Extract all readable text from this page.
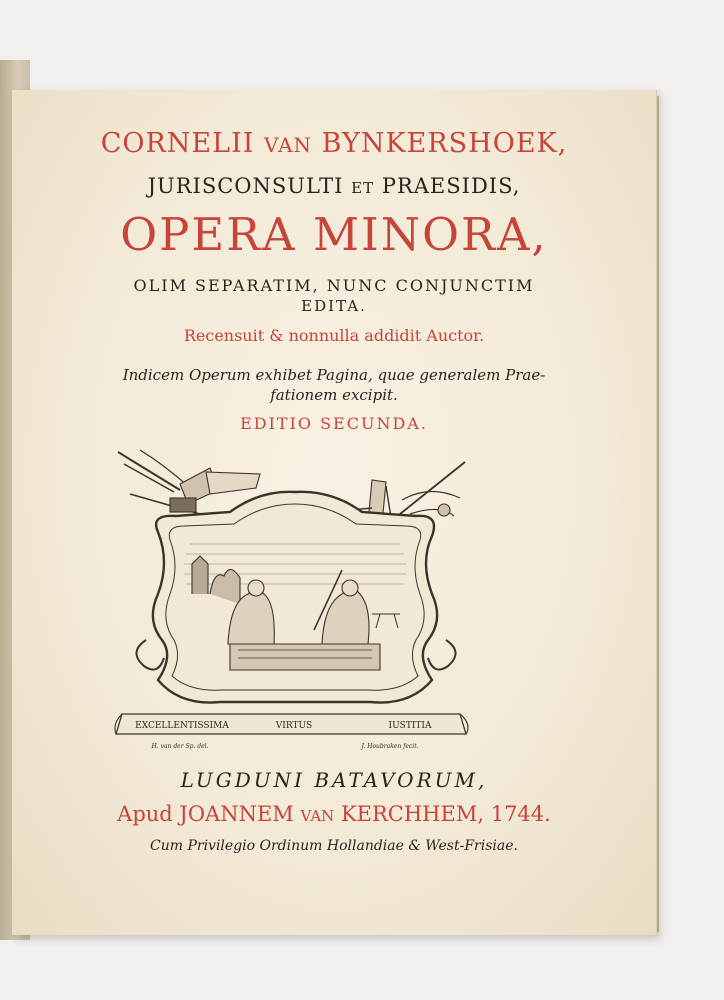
CORNELII VAN BYNKERSHOEK,
JURISCONSULTI ET PRAESIDIS,
OPERA MINORA,
OLIM SEPARATIM, NUNC CONJUNCTIM
EDITA.
Recensuit & nonnulla addidit Auctor.
Indicem Operum exhibet Pagina, quae generalem Prae-
fationem excipit.
EDITIO SECUNDA.
EXCELLENTISSIMA	VIRTUS	IUSTITIA
H. van der Sp. del.	J. Houbraken fecit.
LUGDUNI BATAVORUM,
Apud JOANNEM VAN KERCHHEM, 1744.
Cum Privilegio Ordinum Hollandiae & West-Frisiae.
